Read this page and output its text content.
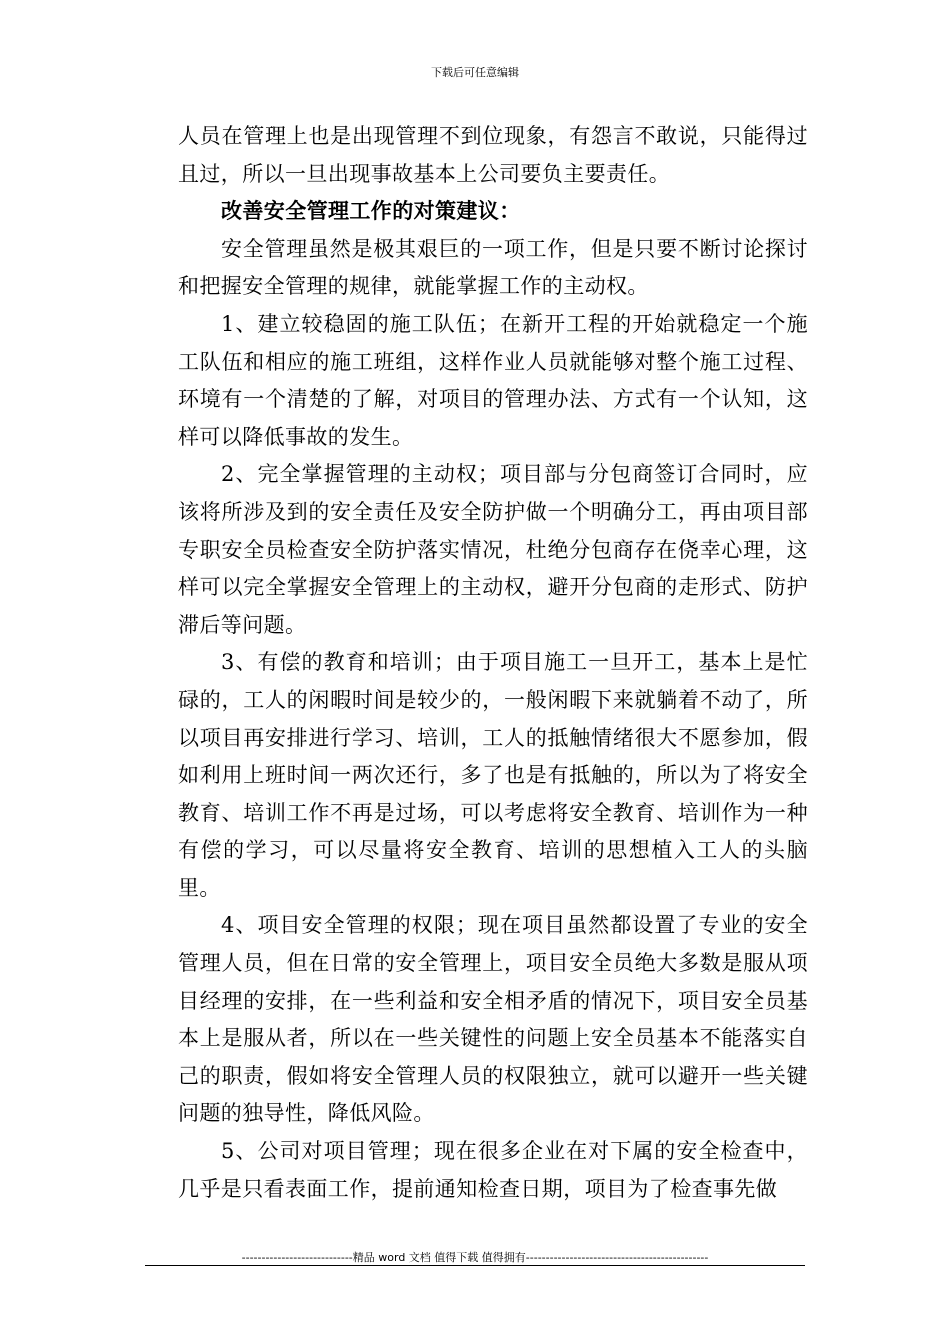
下载后可任意编辑

人员在管理上也是出现管理不到位现象，有怨言不敢说，只能得过且过，所以一旦出现事故基本上公司要负主要责任。

改善安全管理工作的对策建议：

安全管理虽然是极其艰巨的一项工作，但是只要不断讨论探讨和把握安全管理的规律，就能掌握工作的主动权。

1、建立较稳固的施工队伍；在新开工程的开始就稳定一个施工队伍和相应的施工班组，这样作业人员就能够对整个施工过程、环境有一个清楚的了解，对项目的管理办法、方式有一个认知，这样可以降低事故的发生。

2、完全掌握管理的主动权；项目部与分包商签订合同时，应该将所涉及到的安全责任及安全防护做一个明确分工，再由项目部专职安全员检查安全防护落实情况，杜绝分包商存在侥幸心理，这样可以完全掌握安全管理上的主动权，避开分包商的走形式、防护滞后等问题。

3、有偿的教育和培训；由于项目施工一旦开工，基本上是忙碌的，工人的闲暇时间是较少的，一般闲暇下来就躺着不动了，所以项目再安排进行学习、培训，工人的抵触情绪很大不愿参加，假如利用上班时间一两次还行，多了也是有抵触的，所以为了将安全教育、培训工作不再是过场，可以考虑将安全教育、培训作为一种有偿的学习，可以尽量将安全教育、培训的思想植入工人的头脑里。

4、项目安全管理的权限；现在项目虽然都设置了专业的安全管理人员，但在日常的安全管理上，项目安全员绝大多数是服从项目经理的安排，在一些利益和安全相矛盾的情况下，项目安全员基本上是服从者，所以在一些关键性的问题上安全员基本不能落实自己的职责，假如将安全管理人员的权限独立，就可以避开一些关键问题的独导性，降低风险。

5、公司对项目管理；现在很多企业在对下属的安全检查中，几乎是只看表面工作，提前通知检查日期，项目为了检查事先做

----------------------------精品 word 文档 值得下载 值得拥有----------------------------------------------
